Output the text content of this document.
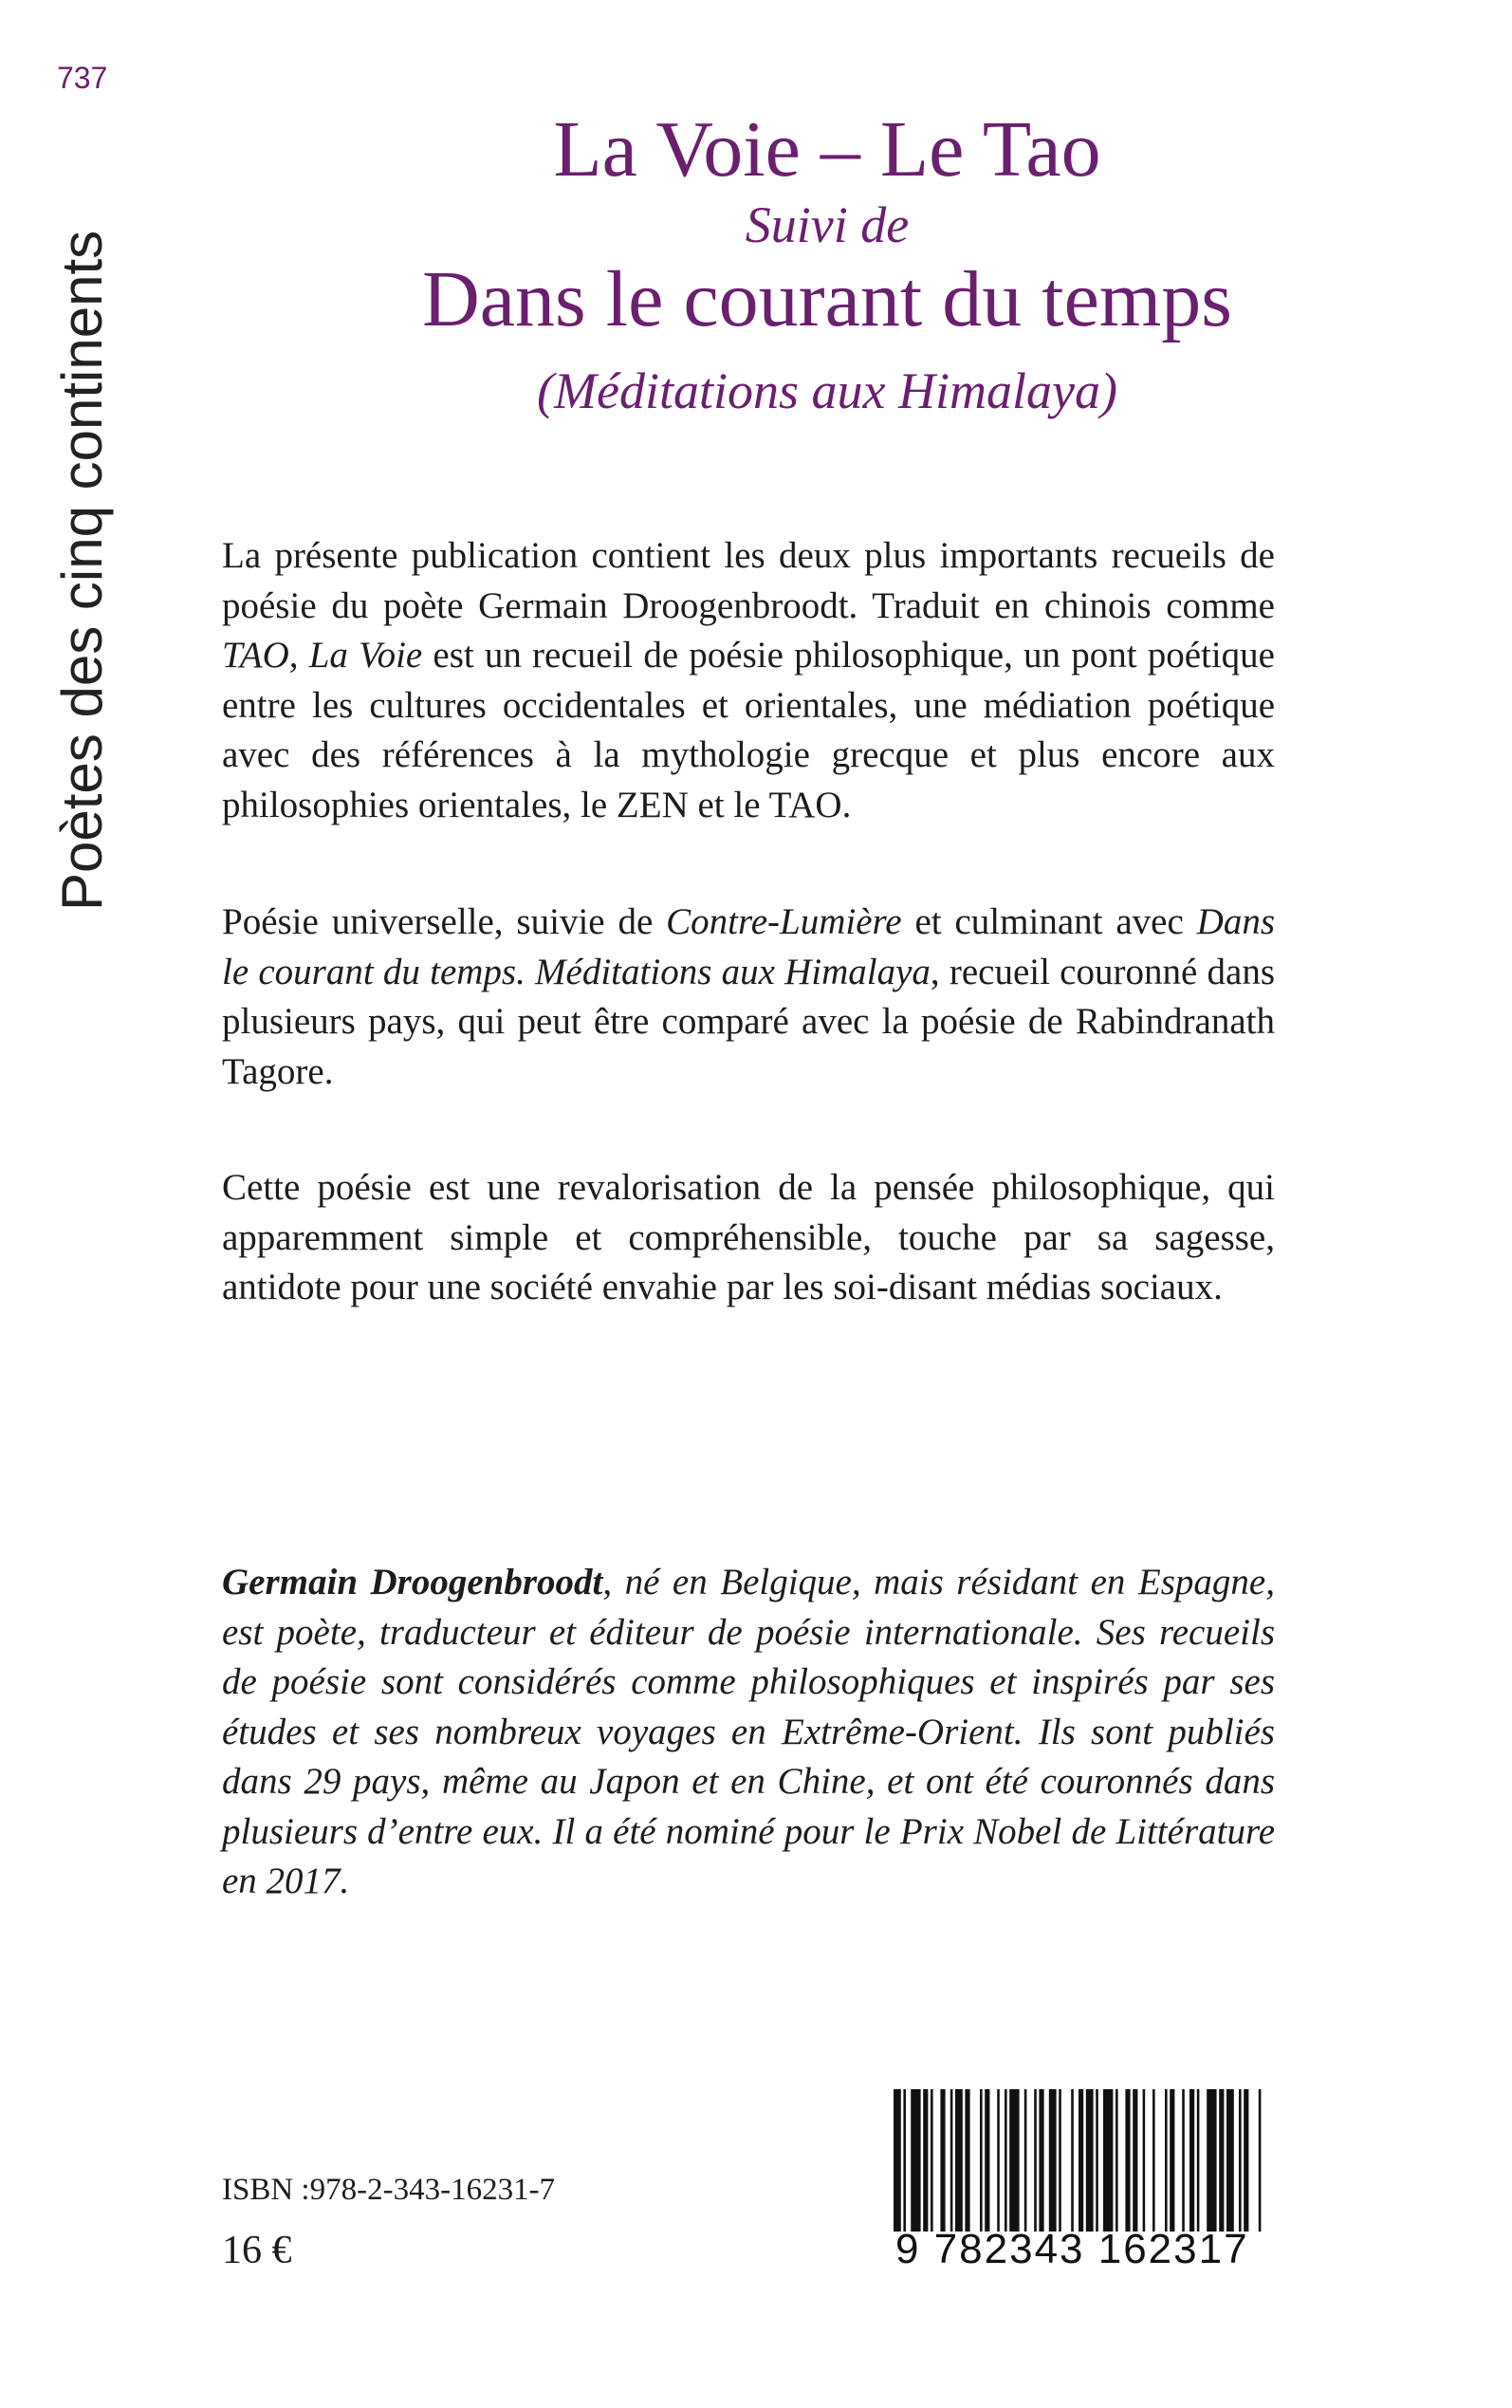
737
Poètes des cinq continents
La Voie – Le Tao

Suivi de

Dans le courant du temps

(Méditations aux Himalaya)

La présente publication contient les deux plus importants recueils de poésie du poète Germain Droogenbroodt. Traduit en chinois comme TAO, La Voie est un recueil de poésie philosophique, un pont poétique entre les cultures occidentales et orientales, une médiation poétique avec des références à la mythologie grecque et plus encore aux philosophies orientales, le ZEN et le TAO.

Poésie universelle, suivie de Contre-Lumière et culminant avec Dans le courant du temps. Méditations aux Himalaya, recueil couronné dans plusieurs pays, qui peut être comparé avec la poésie de Rabindranath Tagore.

Cette poésie est une revalorisation de la pensée philosophique, qui apparemment simple et compréhensible, touche par sa sagesse, antidote pour une société envahie par les soi-disant médias sociaux.

Germain Droogenbroodt, né en Belgique, mais résidant en Espagne, est poète, traducteur et éditeur de poésie internationale. Ses recueils de poésie sont considérés comme philosophiques et inspirés par ses études et ses nombreux voyages en Extrême-Orient. Ils sont publiés dans 29 pays, même au Japon et en Chine, et ont été couronnés dans plusieurs d’entre eux. Il a été nominé pour le Prix Nobel de Littérature en 2017.

ISBN :978-2-343-16231-7
16 €	9 782343 162317
